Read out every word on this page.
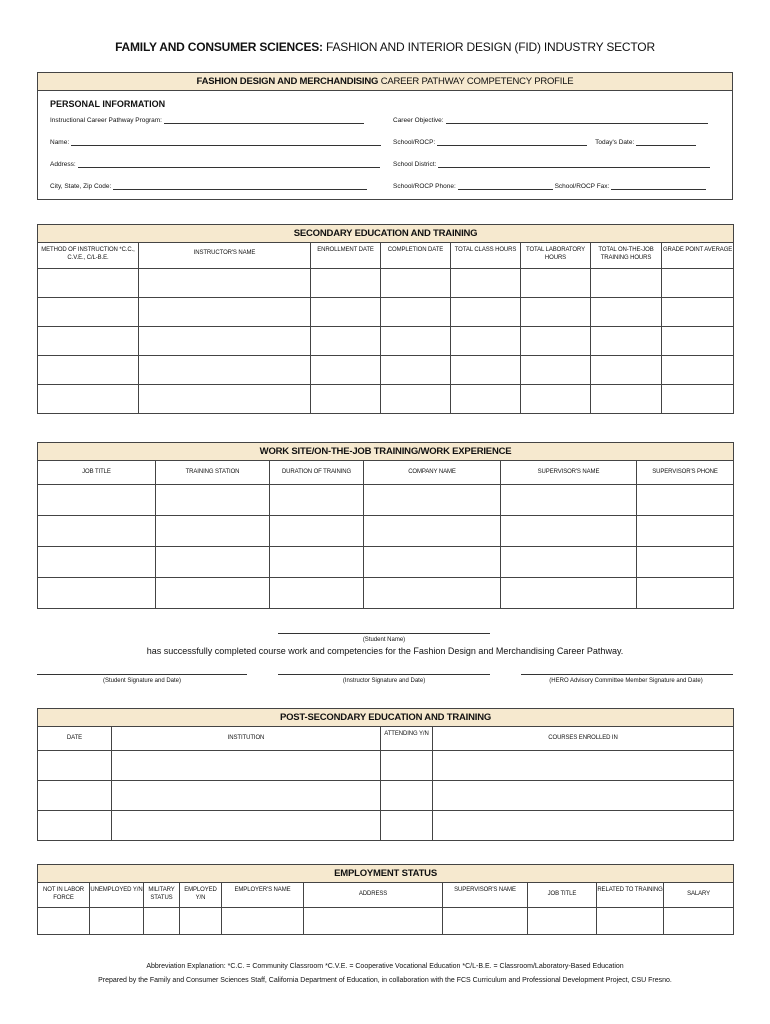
FAMILY AND CONSUMER SCIENCES: FASHION AND INTERIOR DESIGN (FID) INDUSTRY SECTOR
FASHION DESIGN AND MERCHANDISING CAREER PATHWAY COMPETENCY PROFILE
PERSONAL INFORMATION
Instructional Career Pathway Program:
Name:
Address:
City, State, Zip Code:
Career Objective:
School/ROCP:	Today's Date:
School District:
School/ROCP Phone:	School/ROCP Fax:
SECONDARY EDUCATION AND TRAINING							
METHOD OF INSTRUCTION *C.C., C.V.E., C/L-B.E.	INSTRUCTOR'S NAME	ENROLLMENT DATE	COMPLETION DATE	TOTAL CLASS HOURS	TOTAL LABORATORY HOURS	TOTAL ON-THE-JOB TRAINING HOURS	GRADE POINT AVERAGE

WORK SITE/ON-THE-JOB TRAINING/WORK EXPERIENCE					
JOB TITLE	TRAINING STATION	DURATION OF TRAINING	COMPANY NAME	SUPERVISOR'S NAME	SUPERVISOR'S PHONE

(Student Name)
has successfully completed course work and competencies for the Fashion Design and Merchandising Career Pathway.
(Student Signature and Date)	(Instructor Signature and Date)	(HERO Advisory Committee Member Signature and Date)
POST-SECONDARY EDUCATION AND TRAINING			
DATE	INSTITUTION	ATTENDING Y/N	COURSES ENROLLED IN

EMPLOYMENT STATUS									
NOT IN LABOR FORCE	UNEMPLOYED Y/N	MILITARY STATUS	EMPLOYED Y/N	EMPLOYER'S NAME	ADDRESS	SUPERVISOR'S NAME	JOB TITLE	RELATED TO TRAINING	SALARY

Abbreviation Explanation: *C.C. = Community Classroom *C.V.E. = Cooperative Vocational Education *C/L-B.E. = Classroom/Laboratory-Based Education
Prepared by the Family and Consumer Sciences Staff, California Department of Education, in collaboration with the FCS Curriculum and Professional Development Project, CSU Fresno.
